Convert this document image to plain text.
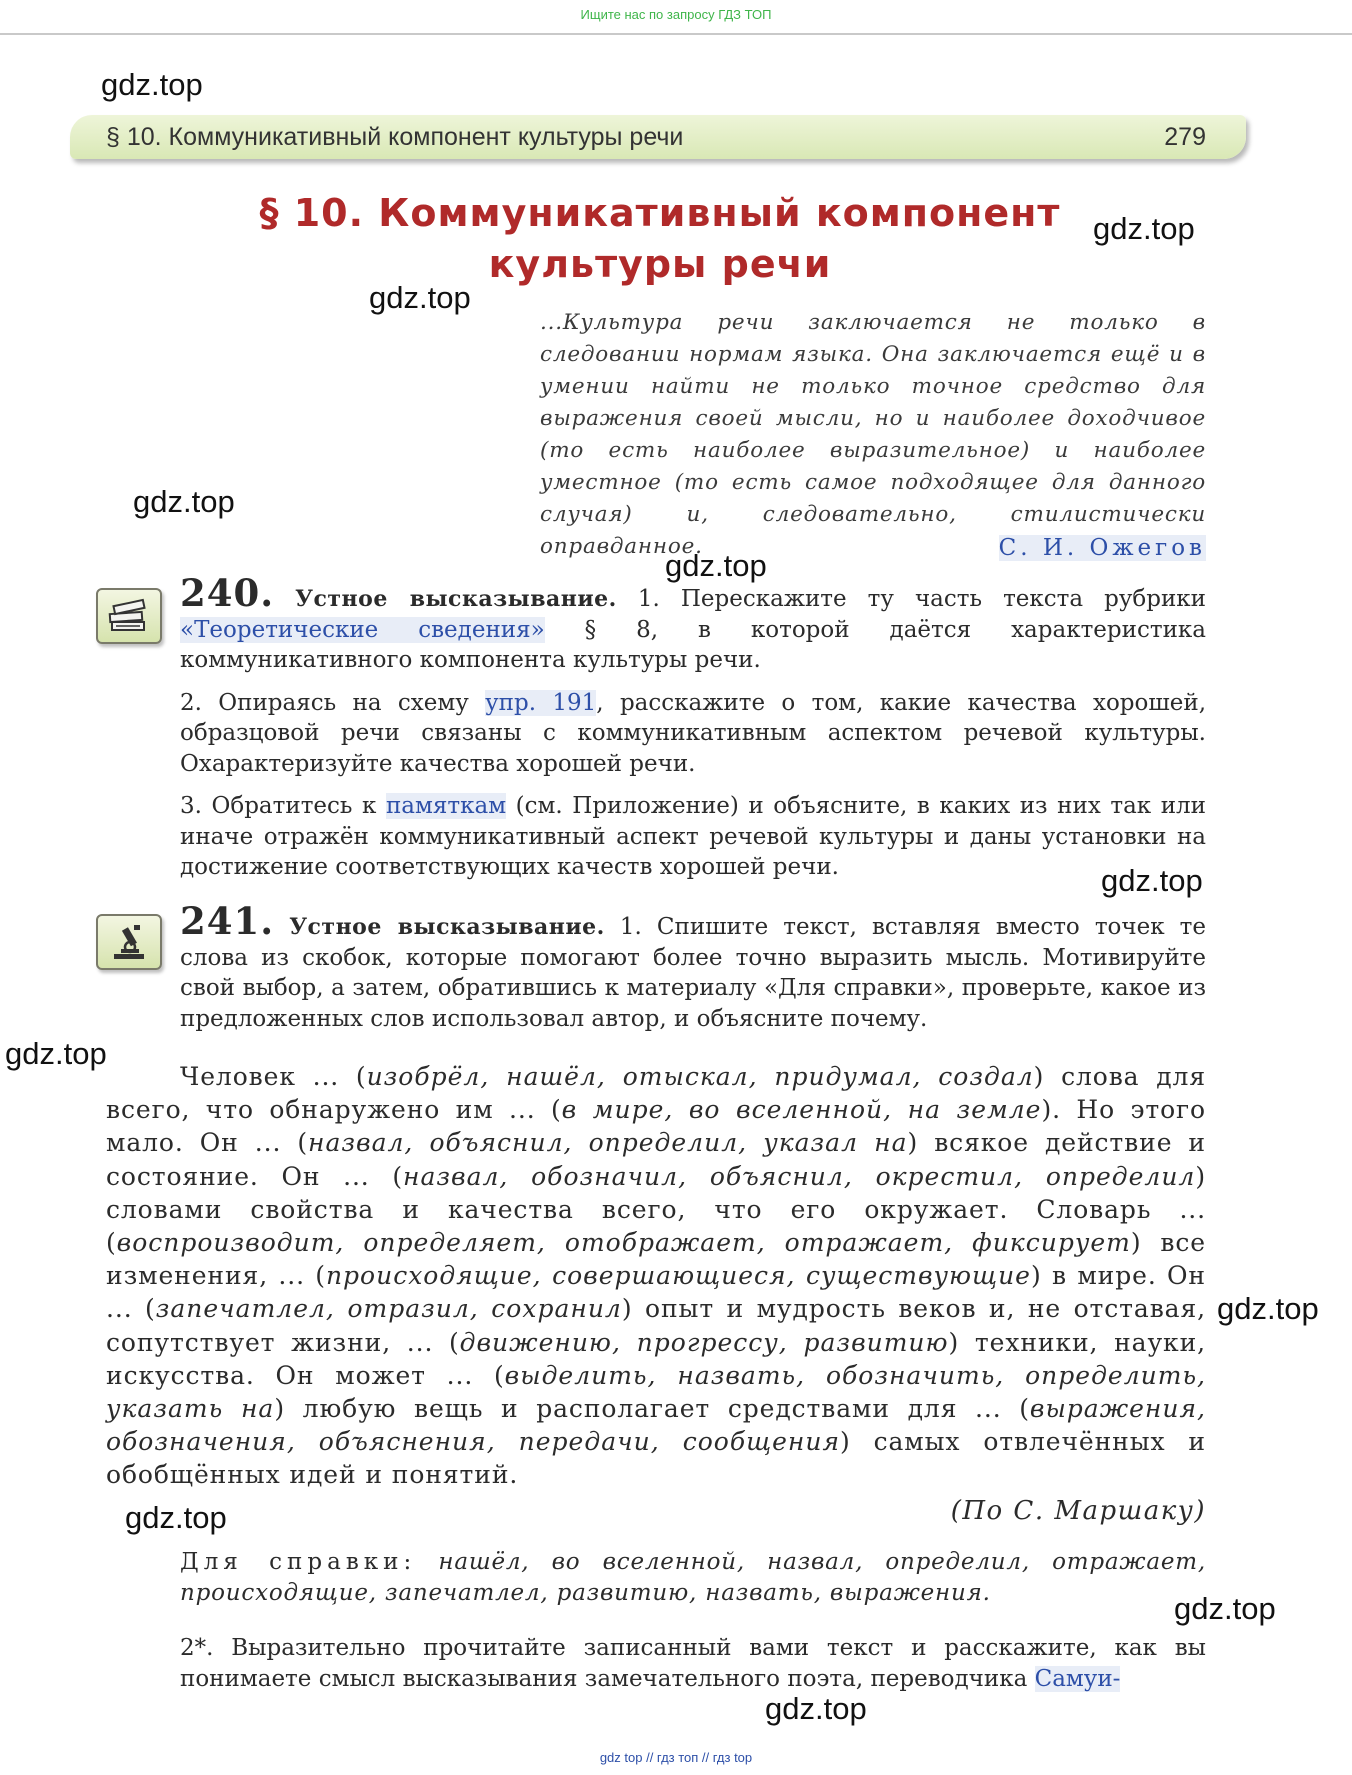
Ищите нас по запросу ГДЗ ТОП
gdz.top
gdz.top
gdz.top
gdz.top
gdz.top
gdz.top
gdz.top
gdz.top
gdz.top
gdz.top
gdz.top
§ 10. Коммуникативный компонент культуры речи	279
§ 10. Коммуникативный компонент
культуры речи
...Культура речи заключается не только в следовании нормам языка. Она заключается ещё и в умении найти не только точное средство для выражения своей мысли, но и наиболее доходчивое (то есть наиболее выразительное) и наиболее уместное (то есть самое подходящее для данного случая) и, следовательно, стилистически оправданное.	С. И. Ожегов

240. Устное высказывание. 1. Перескажите ту часть текста рубрики «Теоретические сведения» § 8, в которой даётся характеристика коммуникативного компонента культуры речи.

2. Опираясь на схему упр. 191, расскажите о том, какие качества хорошей, образцовой речи связаны с коммуникативным аспектом речевой культуры. Охарактеризуйте качества хорошей речи.

3. Обратитесь к памяткам (см. Приложение) и объясните, в каких из них так или иначе отражён коммуникативный аспект речевой культуры и даны установки на достижение соответствующих качеств хорошей речи.

241. Устное высказывание. 1. Спишите текст, вставляя вместо точек те слова из скобок, которые помогают более точно выразить мысль. Мотивируйте свой выбор, а затем, обратившись к материалу «Для справки», проверьте, какое из предложенных слов использовал автор, и объясните почему.

Человек ... (изобрёл, нашёл, отыскал, придумал, создал) слова для всего, что обнаружено им ... (в мире, во вселенной, на земле). Но этого мало. Он ... (назвал, объяснил, определил, указал на) всякое действие и состояние. Он ... (назвал, обозначил, объяснил, окрестил, определил) словами свойства и качества всего, что его окружает. Словарь ... (воспроизводит, определяет, отображает, отражает, фиксирует) все изменения, ... (происходящие, совершающиеся, существующие) в мире. Он ... (запечатлел, отразил, сохранил) опыт и мудрость веков и, не отставая, сопутствует жизни, ... (движению, прогрессу, развитию) техники, науки, искусства. Он может ... (выделить, назвать, обозначить, определить, указать на) любую вещь и располагает средствами для ... (выражения, обозначения, объяснения, передачи, сообщения) самых отвлечённых и обобщённых идей и понятий.
(По С. Маршаку)
Для справки: нашёл, во вселенной, назвал, определил, отражает, происходящие, запечатлел, развитию, назвать, выражения.
2*. Выразительно прочитайте записанный вами текст и расскажите, как вы понимаете смысл высказывания замечательного поэта, переводчика Самуи-
gdz top // гдз топ // гдз top
